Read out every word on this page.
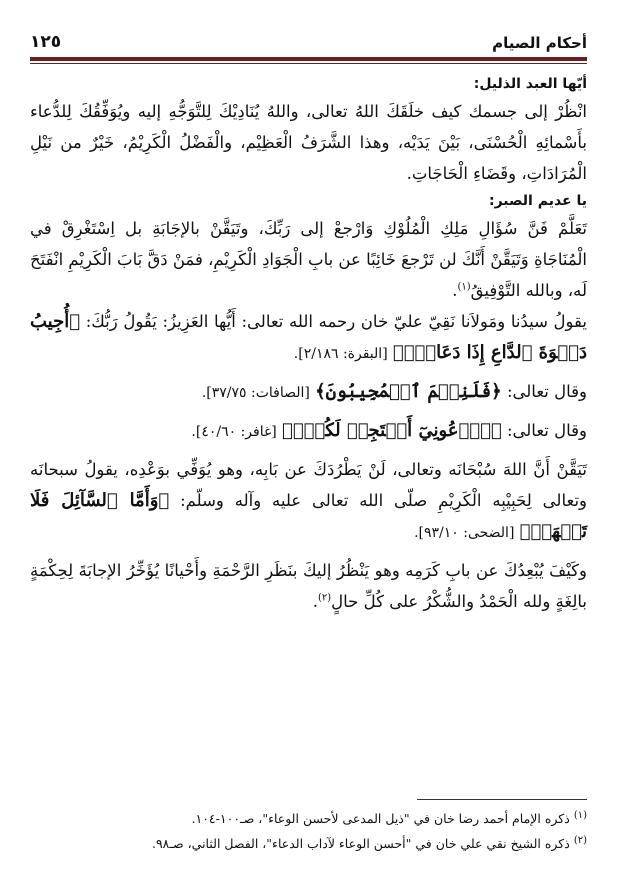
أحكام الصيام
١٢٥
أيّها العبد الذليل:

انْظُرْ إلى جسمك كيف خلَقَكَ اللهُ تعالى، واللهُ يُنَادِيْكَ لِلتَّوَجُّهِ إليه ويُوَفِّقُكَ لِلدُّعاء بأَسْمائِهِ الْحُسْنَى، بَيْنَ يَدَيْه، وهذا الشَّرَفُ الْعَظِيْم، والْفَضْلُ الْكَرِيْمُ، خَيْرٌ من نَيْلِ الْمُرَادَاتِ، وقَضَاءِ الْحَاجَاتِ.

يا عديم الصبر:

تَعَلَّمْ فَنَّ سُؤَالِ مَلِكِ الْمُلُوْكِ وَارْجعْ إلى رَبِّكَ، وتَيَقَّنْ بالإجَابَةِ بل اِسْتَغْرِقْ في الْمُنَاجَاةِ وَتَيَقَّنْ أَنَّكَ لن تَرْجعَ خَائِبًا عن بابِ الْجَوَادِ الْكَرِيْمِ، فمَنْ دَقَّ بَابَ الْكَرِيْمِ انْفَتَحَ لَه، وبالله التَّوْفِيقُ$^{(١)}$.

يقولُ سيدُنا ومَولاَنا نَقِيّ عليّ خان رحمه الله تعالى: أَيُّها العَزِيزُ: يَقُولُ رَبُّكَ: ﴿أُجِيبُ دَعۡوَةَ ٱلدَّاعِ إِذَا دَعَانِۖ﴾ [البقرة: ٢/١٨٦].

وقال تعالى: ﴿فَلَنِعۡمَ ٱلۡمُجِيبُونَ﴾ [الصافات: ٣٧/٧٥].

وقال تعالى: ﴿ٱدۡعُونِيٓ أَسۡتَجِبۡ لَكُمۡۚ﴾ [غافر: ٤٠/٦٠].

تَيَقَّنْ أَنَّ اللهَ سُبْحَانَه وتعالى، لَنْ يَطْرُدَكَ عن بَابِه، وهو يُوَفِّي بوَعْدِه، يقولُ سبحانَه وتعالى لِحَبِيْبِه الْكَرِيْمِ صلّى الله تعالى عليه وآله وسلّم: ﴿وَأَمَّا ٱلسَّآئِلَ فَلَا تَنۡهَرۡ﴾ [الضحى: ٩٣/١٠].

وكَيْفَ يُبْعِدُكَ عن بابِ كَرَمِه وهو يَنْظُرُ إليكَ بنَظَرِ الرَّحْمَةِ وأَحْيانًا يُؤَخِّرُ الإجابَةَ لِحِكْمَةٍ بالِغَةٍ ولله الْحَمْدُ والشُّكْرُ على كُلِّ حالٍ$^{(٢)}$.

$^{(١)}$ ذكره الإمام أحمد رضا خان في "ذيل المدعى لأحسن الوعاء"، صـ١٠٠-١٠٤.
$^{(٢)}$ ذكره الشيخ نقي علي خان في "أحسن الوعاء لآداب الدعاء"، الفصل الثاني، صـ٩٨.
